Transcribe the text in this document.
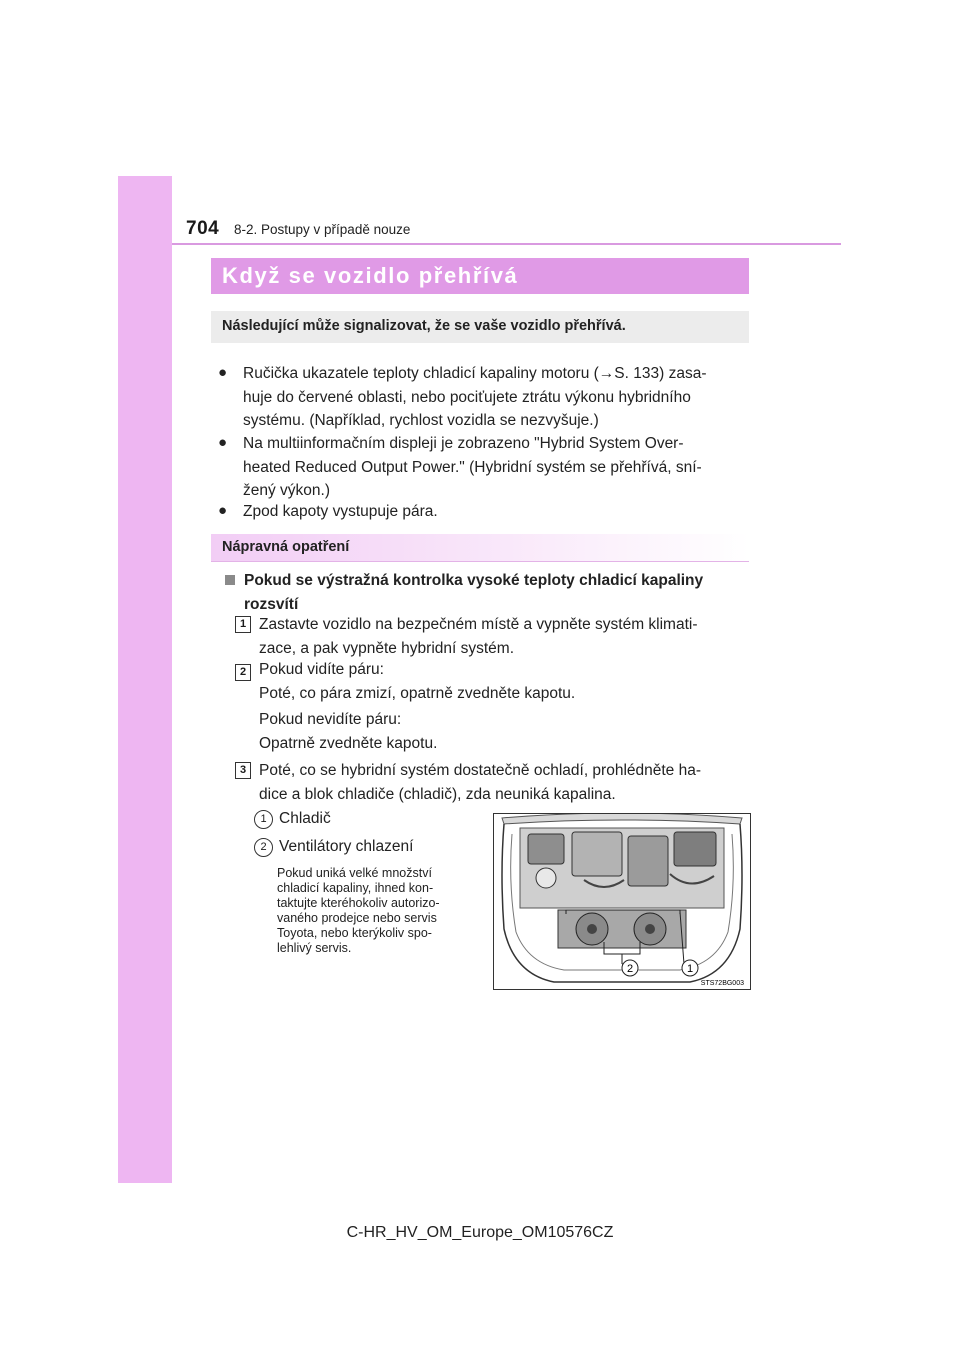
704 8-2. Postupy v případě nouze
Když se vozidlo přehřívá
Následující může signalizovat, že se vaše vozidlo přehřívá.
● Ručička ukazatele teploty chladicí kapaliny motoru (→S. 133) zasa-
huje do červené oblasti, nebo pociťujete ztrátu výkonu hybridního
systému. (Například, rychlost vozidla se nezvyšuje.)
● Na multiinformačním displeji je zobrazeno "Hybrid System Over-
heated Reduced Output Power." (Hybridní systém se přehřívá, sní-
žený výkon.)
● Zpod kapoty vystupuje pára.
Nápravná opatření
Pokud se výstražná kontrolka vysoké teploty chladicí kapaliny
rozsvítí
1 Zastavte vozidlo na bezpečném místě a vypněte systém klimati-
zace, a pak vypněte hybridní systém.
2 Pokud vidíte páru:
Poté, co pára zmizí, opatrně zvedněte kapotu.
Pokud nevidíte páru:
Opatrně zvedněte kapotu.
3 Poté, co se hybridní systém dostatečně ochladí, prohlédněte ha-
dice a blok chladiče (chladič), zda neuniká kapalina.
1 Chladič
2 Ventilátory chlazení
Pokud uniká velké množství
chladicí kapaliny, ihned kon-
taktujte kteréhokoliv autorizo-
vaného prodejce nebo servis
Toyota, nebo kterýkoliv spo-
lehlivý servis.
2	1
STS72BG003
C-HR_HV_OM_Europe_OM10576CZ
